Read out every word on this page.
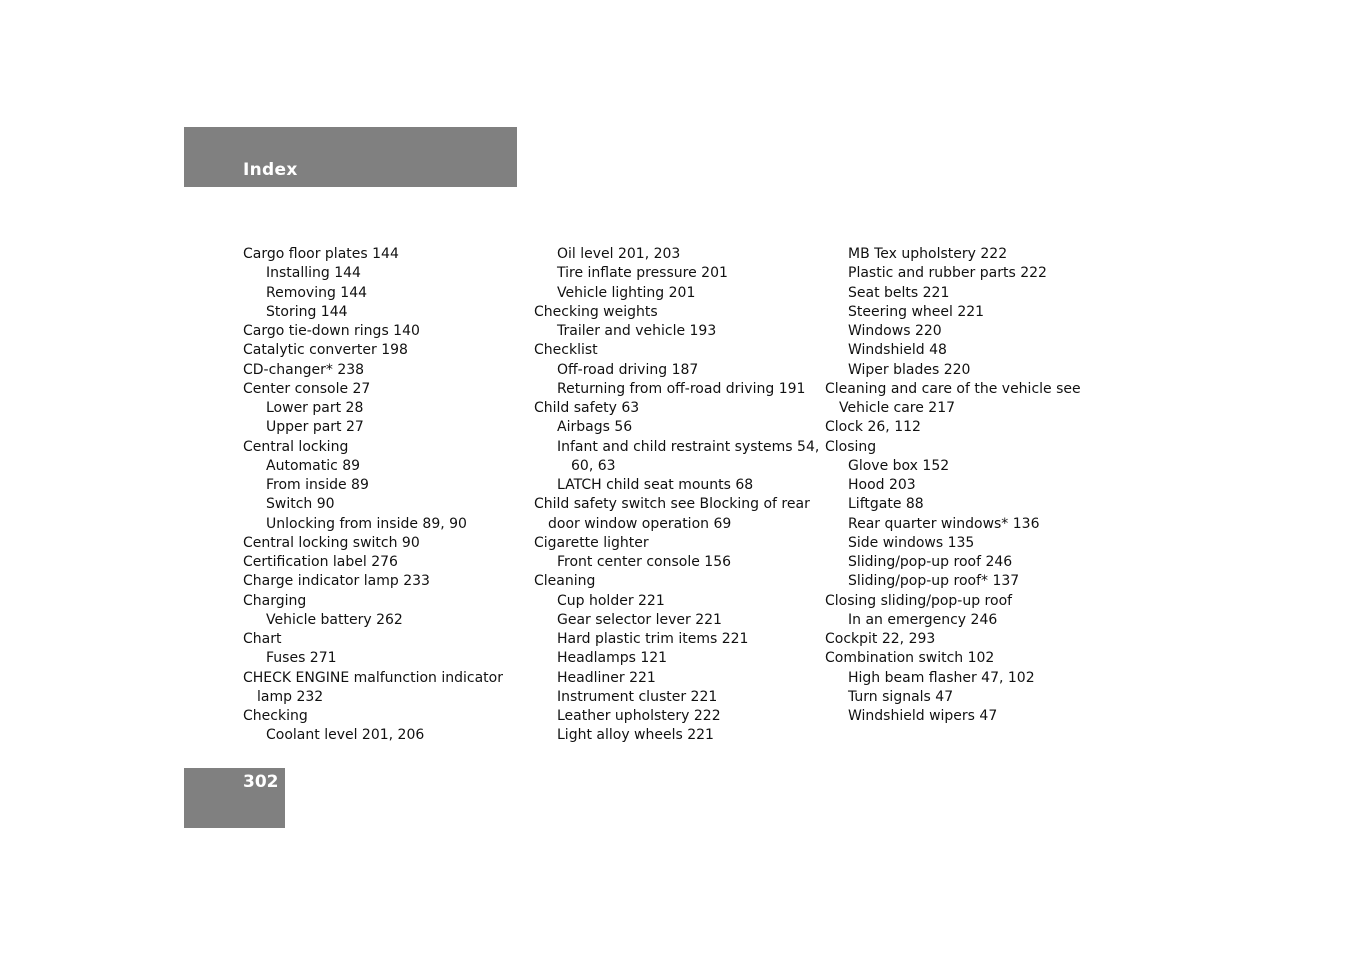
Index
Cargo floor plates 144
Installing 144
Removing 144
Storing 144
Cargo tie-down rings 140
Catalytic converter 198
CD-changer* 238
Center console 27
Lower part 28
Upper part 27
Central locking
Automatic 89
From inside 89
Switch 90
Unlocking from inside 89, 90
Central locking switch 90
Certification label 276
Charge indicator lamp 233
Charging
Vehicle battery 262
Chart
Fuses 271
CHECK ENGINE malfunction indicator
lamp 232
Checking
Coolant level 201, 206
Oil level 201, 203
Tire inflate pressure 201
Vehicle lighting 201
Checking weights
Trailer and vehicle 193
Checklist
Off-road driving 187
Returning from off-road driving 191
Child safety 63
Airbags 56
Infant and child restraint systems 54,
60, 63
LATCH child seat mounts 68
Child safety switch see Blocking of rear
door window operation 69
Cigarette lighter
Front center console 156
Cleaning
Cup holder 221
Gear selector lever 221
Hard plastic trim items 221
Headlamps 121
Headliner 221
Instrument cluster 221
Leather upholstery 222
Light alloy wheels 221
MB Tex upholstery 222
Plastic and rubber parts 222
Seat belts 221
Steering wheel 221
Windows 220
Windshield 48
Wiper blades 220
Cleaning and care of the vehicle see
Vehicle care 217
Clock 26, 112
Closing
Glove box 152
Hood 203
Liftgate 88
Rear quarter windows* 136
Side windows 135
Sliding/pop-up roof 246
Sliding/pop-up roof* 137
Closing sliding/pop-up roof
In an emergency 246
Cockpit 22, 293
Combination switch 102
High beam flasher 47, 102
Turn signals 47
Windshield wipers 47
302
